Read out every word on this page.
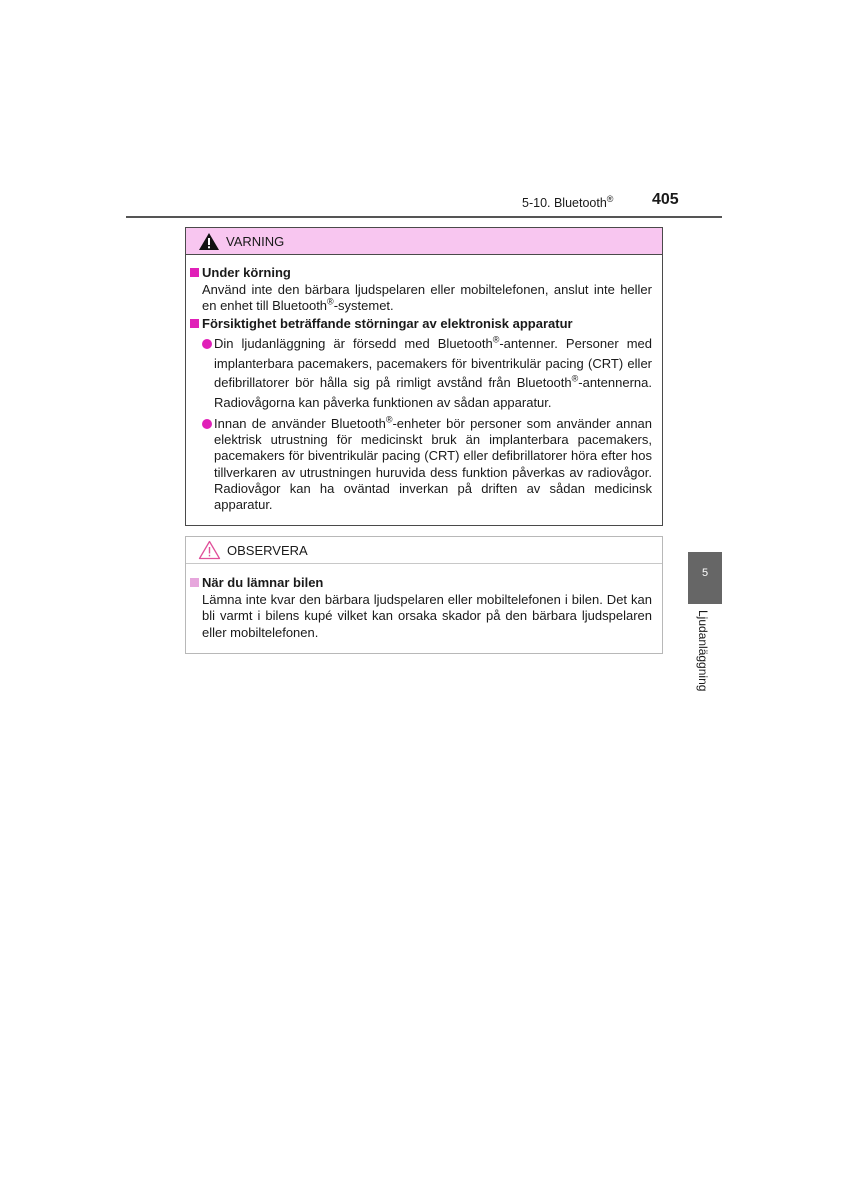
5-10. Bluetooth® 405
VARNING
Under körning

Använd inte den bärbara ljudspelaren eller mobiltelefonen, anslut inte heller en enhet till Bluetooth®-systemet.

Försiktighet beträffande störningar av elektronisk apparatur

Din ljudanläggning är försedd med Bluetooth®-antenner. Personer med implanterbara pacemakers, pacemakers för biventrikulär pacing (CRT) eller defibrillatorer bör hålla sig på rimligt avstånd från Bluetooth®-antennerna. Radiovågorna kan påverka funktionen av sådan apparatur.

Innan de använder Bluetooth®-enheter bör personer som använder annan elektrisk utrustning för medicinskt bruk än implanterbara pacemakers, pacemakers för biventrikulär pacing (CRT) eller defibrillatorer höra efter hos tillverkaren av utrustningen huruvida dess funktion påverkas av radiovågor. Radiovågor kan ha oväntad inverkan på driften av sådan medicinsk apparatur.

OBSERVERA
När du lämnar bilen

Lämna inte kvar den bärbara ljudspelaren eller mobiltelefonen i bilen. Det kan bli varmt i bilens kupé vilket kan orsaka skador på den bärbara ljudspelaren eller mobiltelefonen.

5
Ljudanläggning
